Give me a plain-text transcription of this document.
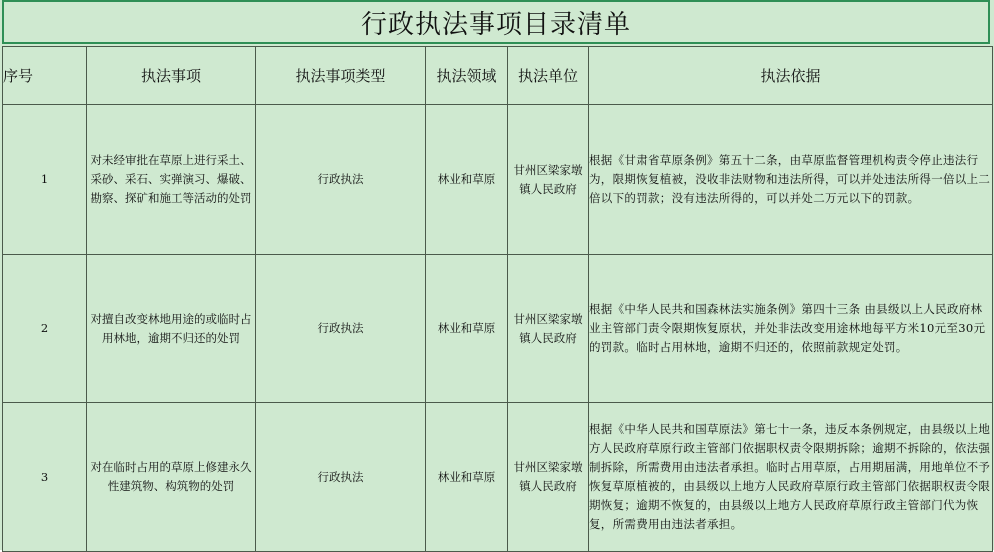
行政执法事项目录清单
序号	执法事项	执法事项类型	执法领域	执法单位	执法依据
1	对未经审批在草原上进行采土、采砂、采石、实弹演习、爆破、勘察、探矿和施工等活动的处罚	行政执法	林业和草原	甘州区梁家墩镇人民政府	根据《甘肃省草原条例》第五十二条，由草原监督管理机构责令停止违法行为，限期恢复植被，没收非法财物和违法所得，可以并处违法所得一倍以上二倍以下的罚款；没有违法所得的，可以并处二万元以下的罚款。

2	对擅自改变林地用途的或临时占用林地，逾期不归还的处罚	行政执法	林业和草原	甘州区梁家墩镇人民政府	根据《中华人民共和国森林法实施条例》第四十三条 由县级以上人民政府林业主管部门责令限期恢复原状，并处非法改变用途林地每平方米10元至30元的罚款。临时占用林地，逾期不归还的，依照前款规定处罚。

3	对在临时占用的草原上修建永久性建筑物、构筑物的处罚	行政执法	林业和草原	甘州区梁家墩镇人民政府	根据《中华人民共和国草原法》第七十一条，违反本条例规定，由县级以上地方人民政府草原行政主管部门依据职权责令限期拆除；逾期不拆除的，依法强制拆除，所需费用由违法者承担。临时占用草原，占用期届满，用地单位不予恢复草原植被的，由县级以上地方人民政府草原行政主管部门依据职权责令限期恢复；逾期不恢复的，由县级以上地方人民政府草原行政主管部门代为恢复，所需费用由违法者承担。
